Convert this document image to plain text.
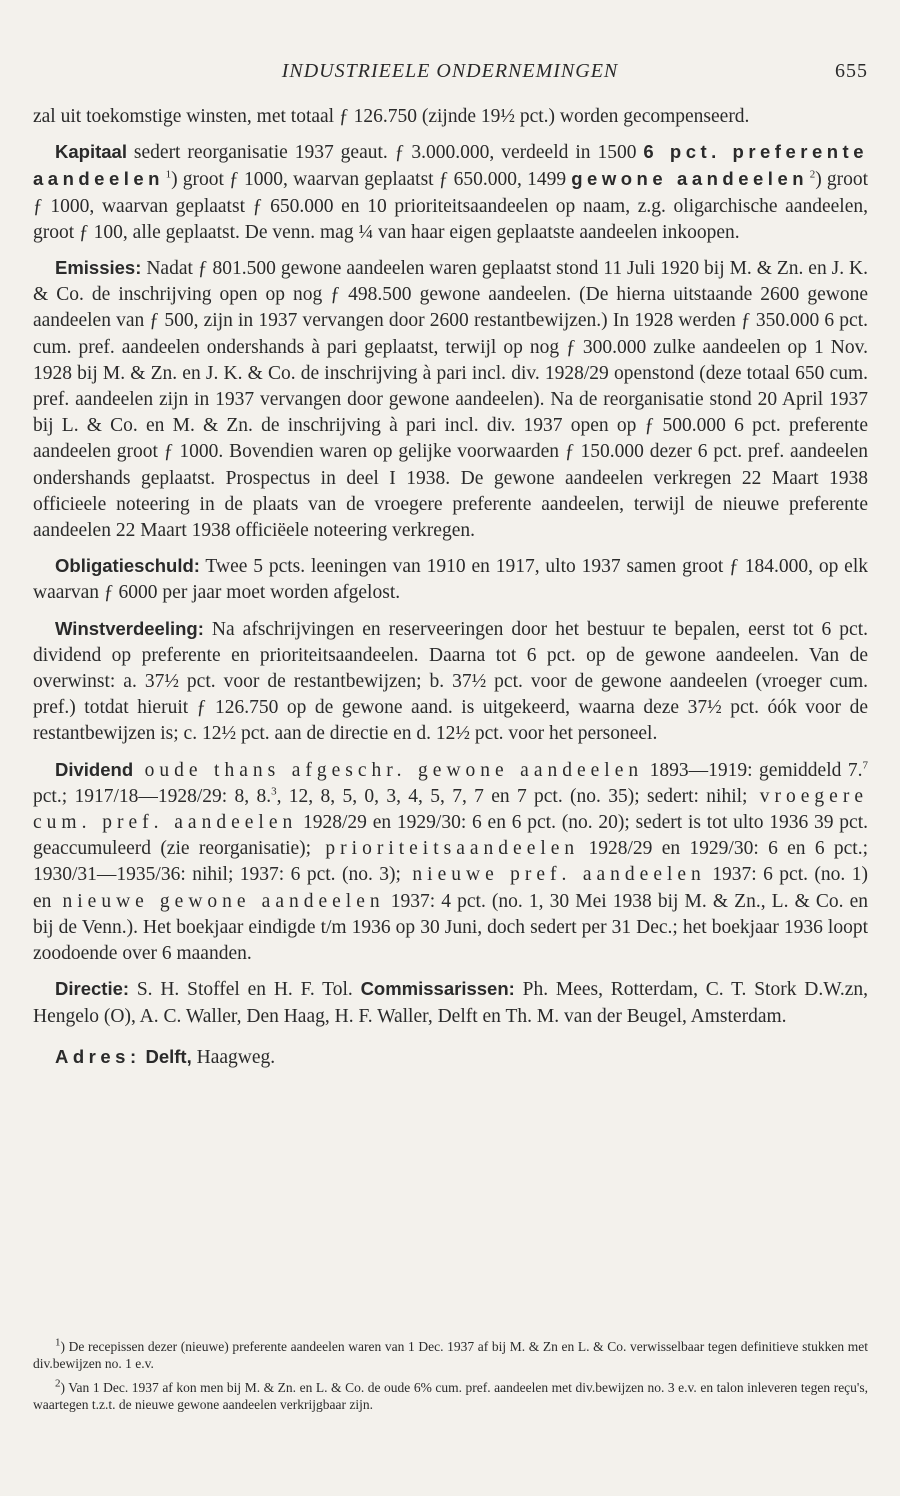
INDUSTRIEELE ONDERNEMINGEN	655

zal uit toekomstige winsten, met totaal ƒ 126.750 (zijnde 19½ pct.) worden gecompenseerd.

Kapitaal sedert reorganisatie 1937 geaut. ƒ 3.000.000, verdeeld in 1500 6 pct. preferente aandeelen  $^1$) groot ƒ 1000, waarvan geplaatst ƒ 650.000, 1499 gewone aandeelen  $^2$) groot ƒ 1000, waarvan geplaatst ƒ 650.000 en 10 prioriteitsaandeelen op naam, z.g. oligarchische aandeelen, groot ƒ 100, alle geplaatst. De venn. mag ¼ van haar eigen geplaatste aandeelen inkoopen.

Emissies: Nadat ƒ 801.500 gewone aandeelen waren geplaatst stond 11 Juli 1920 bij M. & Zn. en J. K. & Co. de inschrijving open op nog ƒ 498.500 gewone aandeelen. (De hierna uitstaande 2600 gewone aandeelen van ƒ 500, zijn in 1937 vervangen door 2600 restantbewijzen.) In 1928 werden ƒ 350.000 6 pct. cum. pref. aandeelen ondershands à pari geplaatst, terwijl op nog ƒ 300.000 zulke aandeelen op 1 Nov. 1928 bij M. & Zn. en J. K. & Co. de inschrijving à pari incl. div. 1928/29 openstond (deze totaal 650 cum. pref. aandeelen zijn in 1937 vervangen door gewone aandeelen). Na de reorganisatie stond 20 April 1937 bij L. & Co. en M. & Zn. de inschrijving à pari incl. div. 1937 open op ƒ 500.000 6 pct. preferente aandeelen groot ƒ 1000. Bovendien waren op gelijke voorwaarden ƒ 150.000 dezer 6 pct. pref. aandeelen ondershands geplaatst. Prospectus in deel I 1938. De gewone aandeelen verkregen 22 Maart 1938 officieele noteering in de plaats van de vroegere preferente aandeelen, terwijl de nieuwe preferente aandeelen 22 Maart 1938 officiëele noteering verkregen.

Obligatieschuld: Twee 5 pcts. leeningen van 1910 en 1917, ulto 1937 samen groot ƒ 184.000, op elk waarvan ƒ 6000 per jaar moet worden afgelost.

Winstverdeeling: Na afschrijvingen en reserveeringen door het bestuur te bepalen, eerst tot 6 pct. dividend op preferente en prioriteitsaandeelen. Daarna tot 6 pct. op de gewone aandeelen. Van de overwinst: a. 37½ pct. voor de restantbewijzen; b. 37½ pct. voor de gewone aandeelen (vroeger cum. pref.) totdat hieruit ƒ 126.750 op de gewone aand. is uitgekeerd, waarna deze 37½ pct. óók voor de restantbewijzen is; c. 12½ pct. aan de directie en d. 12½ pct. voor het personeel.

Dividend oude thans afgeschr. gewone aandeelen 1893—1919: gemiddeld 7.$^7$ pct.; 1917/18—1928/29: 8, 8.$^3$, 12, 8, 5, 0, 3, 4, 5, 7, 7 en 7 pct. (no. 35); sedert: nihil; vroegere cum. pref. aandeelen 1928/29 en 1929/30: 6 en 6 pct. (no. 20); sedert is tot ulto 1936 39 pct. geaccumuleerd (zie reorganisatie); prioriteitsaandeelen 1928/29 en 1929/30: 6 en 6 pct.; 1930/31—1935/36: nihil; 1937: 6 pct. (no. 3); nieuwe pref. aandeelen 1937: 6 pct. (no. 1) en nieuwe gewone aandeelen 1937: 4 pct. (no. 1, 30 Mei 1938 bij M. & Zn., L. & Co. en bij de Venn.). Het boekjaar eindigde t/m 1936 op 30 Juni, doch sedert per 31 Dec.; het boekjaar 1936 loopt zoodoende over 6 maanden.

Directie: S. H. Stoffel en H. F. Tol. Commissarissen: Ph. Mees, Rotterdam, C. T. Stork D.W.zn, Hengelo (O), A. C. Waller, Den Haag, H. F. Waller, Delft en Th. M. van der Beugel, Amsterdam.

Adres: Delft, Haagweg.

$^1$) De recepissen dezer (nieuwe) preferente aandeelen waren van 1 Dec. 1937 af bij M. & Zn en L. & Co. verwisselbaar tegen definitieve stukken met div.bewijzen no. 1 e.v.

$^2$) Van 1 Dec. 1937 af kon men bij M. & Zn. en L. & Co. de oude 6% cum. pref. aandeelen met div.bewijzen no. 3 e.v. en talon inleveren tegen reçu's, waartegen t.z.t. de nieuwe gewone aandeelen verkrijgbaar zijn.
